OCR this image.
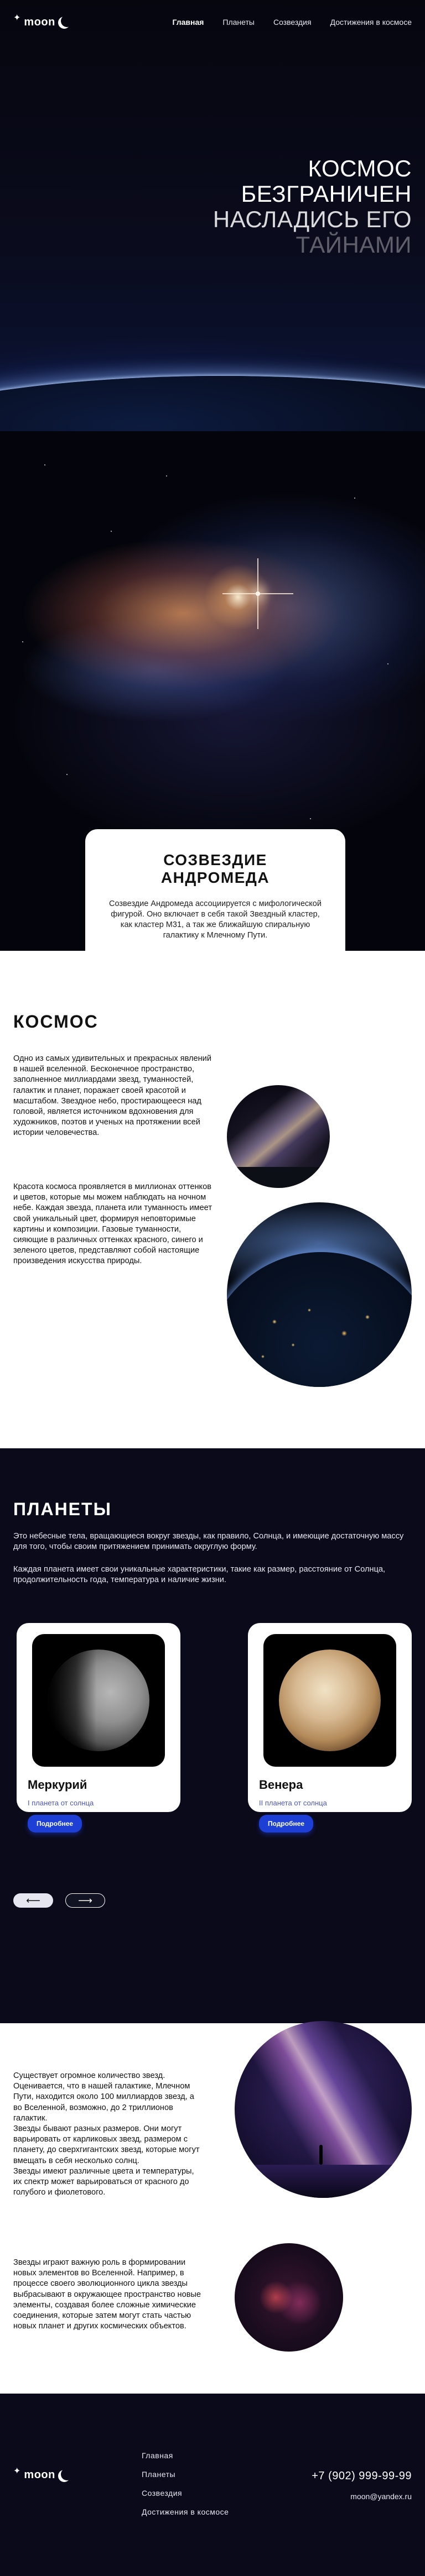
✦ moon	Главная Планеты Созвездия Достижения в космосе
КОСМОС
БЕЗГРАНИЧЕН
НАСЛАДИСЬ ЕГО
ТАЙНАМИ
СОЗВЕЗДИЕ АНДРОМЕДА

Созвездие Андромеда ассоциируется с мифологической фигурой. Оно включает в себя такой Звездный кластер, как кластер M31, а так же ближайшую спиральную галактику к Млечному Пути.

КОСМОС

Одно из самых удивительных и прекрасных явлений в нашей вселенной. Бесконечное пространство, заполненное миллиардами звезд, туманностей, галактик и планет, поражает своей красотой и масштабом. Звездное небо, простирающееся над головой, является источником вдохновения для художников, поэтов и ученых на протяжении всей истории человечества.

Красота космоса проявляется в миллионах оттенков и цветов, которые мы можем наблюдать на ночном небе. Каждая звезда, планета или туманность имеет свой уникальный цвет, формируя неповторимые картины и композиции. Газовые туманности, сияющие в различных оттенках красного, синего и зеленого цветов, представляют собой настоящие произведения искусства природы.

ПЛАНЕТЫ

Это небесные тела, вращающиеся вокруг звезды, как правило, Солнца, и имеющие достаточную массу для того, чтобы своим притяжением принимать округлую форму.

Каждая планета имеет свои уникальные характеристики, такие как размер, расстояние от Солнца, продолжительность года, температура и наличие жизни.

Меркурий
I планета от солнца
Подробнее
Венера
II планета от солнца
Подробнее
⟵	⟶

Существует огромное количество звезд. Оценивается, что в нашей галактике, Млечном Пути, находится около 100 миллиардов звезд, а во Вселенной, возможно, до 2 триллионов галактик.

Звезды бывают разных размеров. Они могут варьировать от карликовых звезд, размером с планету, до сверхгигантских звезд, которые могут вмещать в себя несколько солнц.
Звезды имеют различные цвета и температуры, их спектр может варьироваться от красного до голубого и фиолетового.

Звезды играют важную роль в формировании новых элементов во Вселенной. Например, в процессе своего эволюционного цикла звезды выбрасывают в окружающее пространство новые элементы, создавая более сложные химические соединения, которые затем могут стать частью новых планет и других космических объектов.

✦ moon
Главная
Планеты
Созвездия
Достижения в космосе
+7 (902) 999-99-99
moon@yandex.ru
